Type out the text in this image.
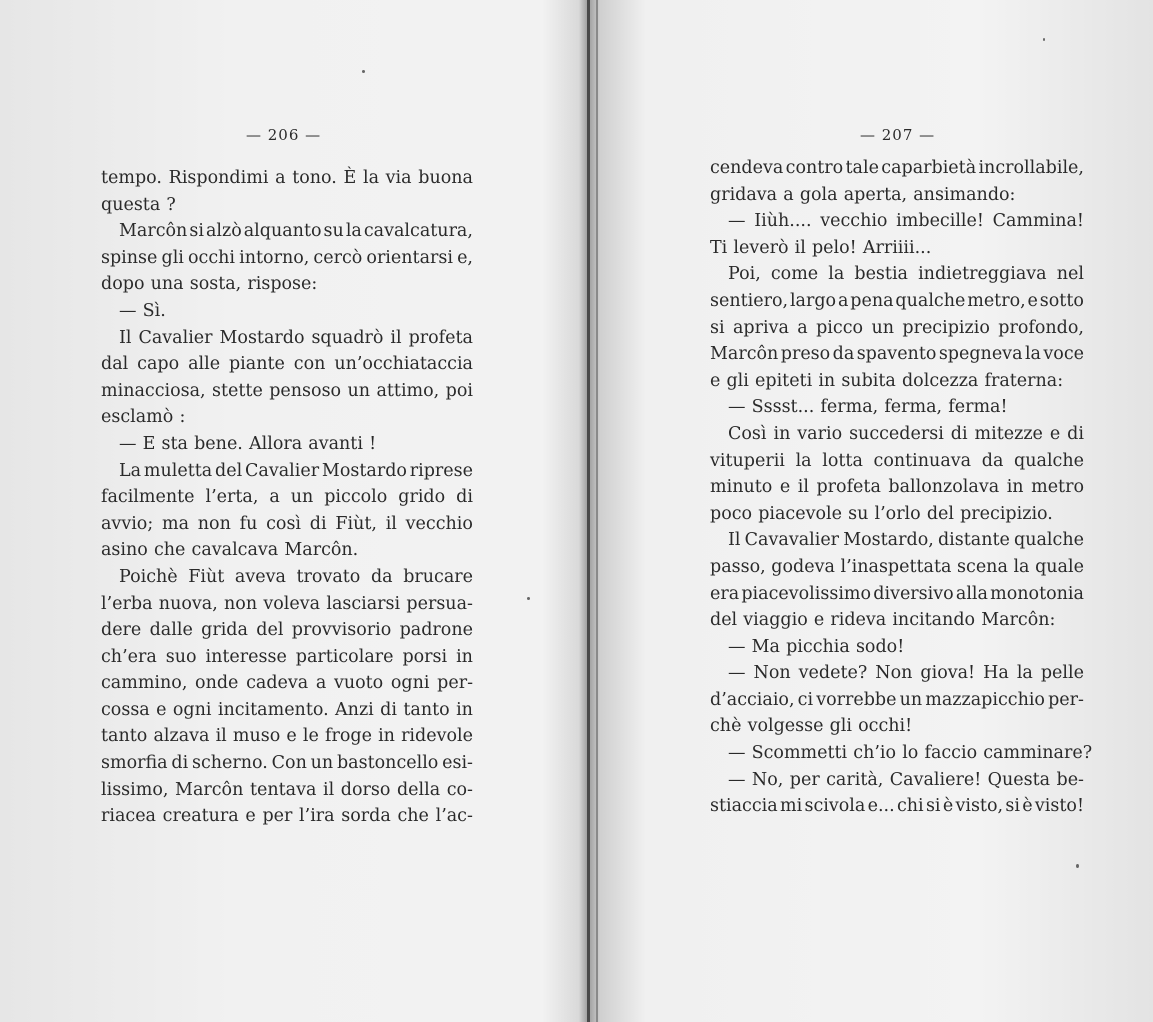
— 206 —
tempo. Rispondimi a tono. È la via buona
questa ?
Marcôn si alzò alquanto su la cavalcatura,
spinse gli occhi intorno, cercò orientarsi e,
dopo una sosta, rispose:
— Sì.
Il Cavalier Mostardo squadrò il profeta
dal capo alle piante con un’occhiataccia
minacciosa, stette pensoso un attimo, poi
esclamò :
— E sta bene. Allora avanti !
La muletta del Cavalier Mostardo riprese
facilmente l’erta, a un piccolo grido di
avvio; ma non fu così di Fiùt, il vecchio
asino che cavalcava Marcôn.
Poichè Fiùt aveva trovato da brucare
l’erba nuova, non voleva lasciarsi persua-
dere dalle grida del provvisorio padrone
ch’era suo interesse particolare porsi in
cammino, onde cadeva a vuoto ogni per-
cossa e ogni incitamento. Anzi di tanto in
tanto alzava il muso e le froge in ridevole
smorfia di scherno. Con un bastoncello esi-
lissimo, Marcôn tentava il dorso della co-
riacea creatura e per l’ira sorda che l’ac-
— 207 —
cendeva contro tale caparbietà incrollabile,
gridava a gola aperta, ansimando:
— Iiùh.... vecchio imbecille! Cammina!
Ti leverò il pelo! Arriiii...
Poi, come la bestia indietreggiava nel
sentiero, largo a pena qualche metro, e sotto
si apriva a picco un precipizio profondo,
Marcôn preso da spavento spegneva la voce
e gli epiteti in subita dolcezza fraterna:
— Sssst... ferma, ferma, ferma!
Così in vario succedersi di mitezze e di
vituperii la lotta continuava da qualche
minuto e il profeta ballonzolava in metro
poco piacevole su l’orlo del precipizio.
Il Cavavalier Mostardo, distante qualche
passo, godeva l’inaspettata scena la quale
era piacevolissimo diversivo alla monotonia
del viaggio e rideva incitando Marcôn:
— Ma picchia sodo!
— Non vedete? Non giova! Ha la pelle
d’acciaio, ci vorrebbe un mazzapicchio per-
chè volgesse gli occhi!
— Scommetti ch’io lo faccio camminare?
— No, per carità, Cavaliere! Questa be-
stiaccia mi scivola e... chi si è visto, si è visto!
